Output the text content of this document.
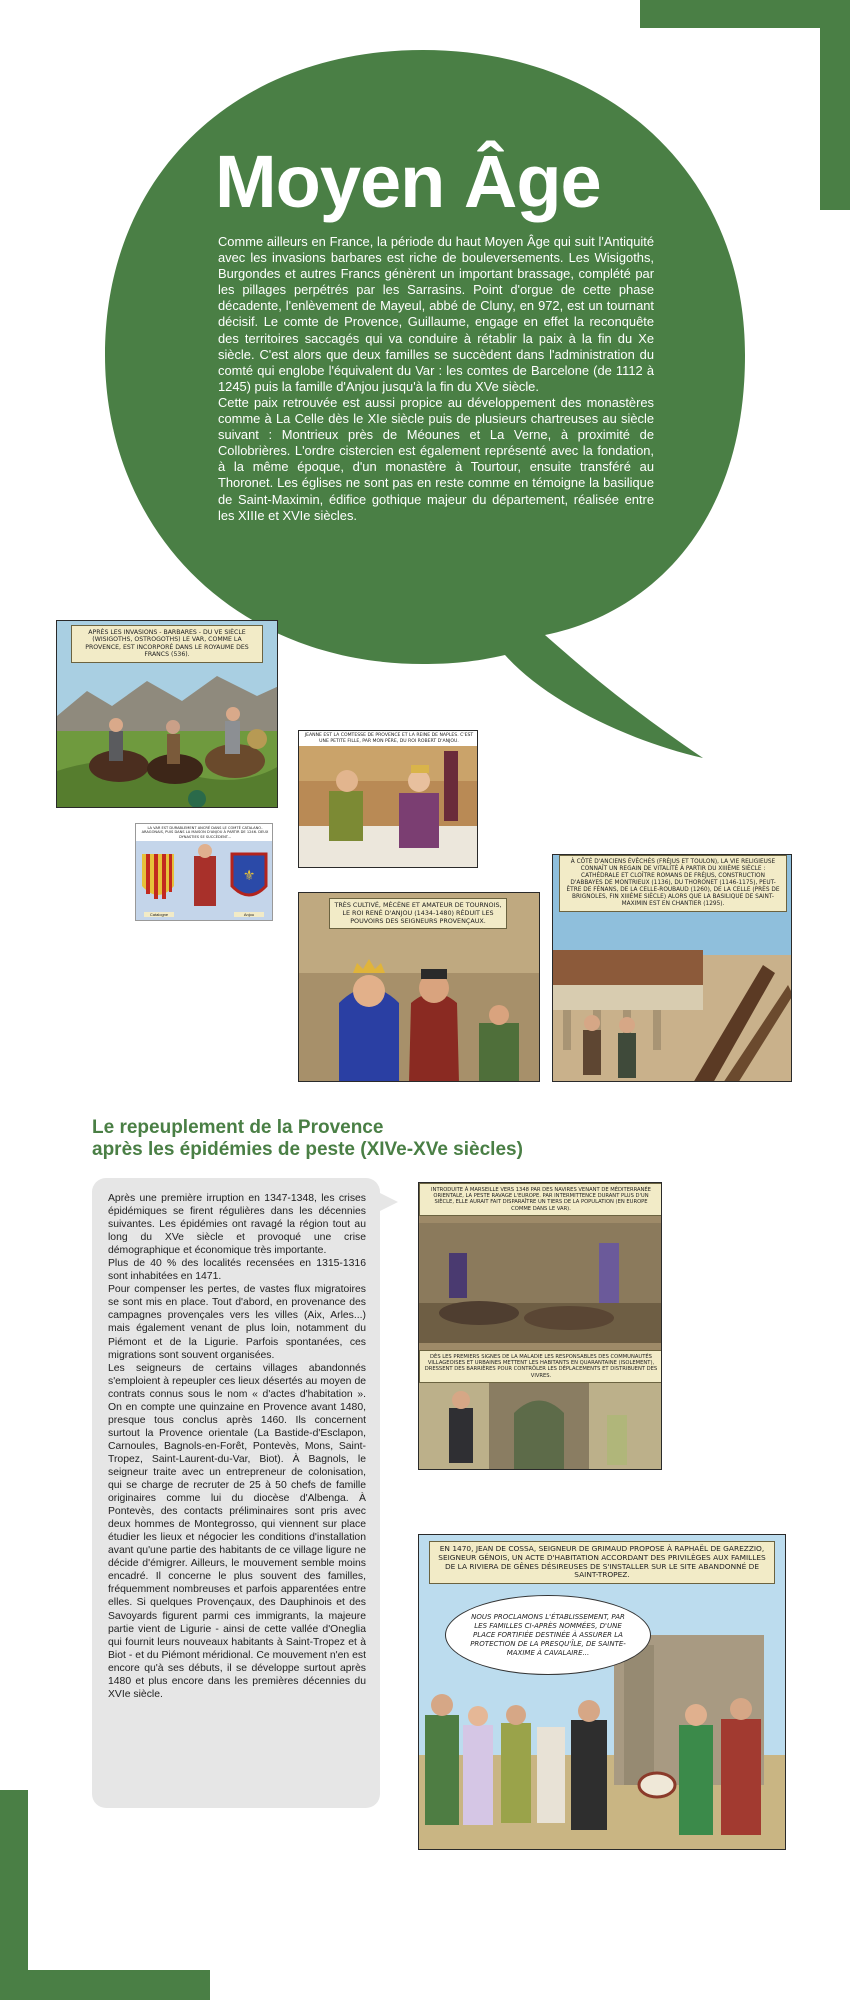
Moyen Âge

Comme ailleurs en France, la période du haut Moyen Âge qui suit l'Antiquité avec les invasions barbares est riche de bouleversements. Les Wisigoths, Burgondes et autres Francs génèrent un important brassage, complété par les pillages perpétrés par les Sarrasins. Point d'orgue de cette phase décadente, l'enlèvement de Mayeul, abbé de Cluny, en 972, est un tournant décisif. Le comte de Provence, Guillaume, engage en effet la reconquête des territoires saccagés qui va conduire à rétablir la paix à la fin du Xe siècle. C'est alors que deux familles se succèdent dans l'administration du comté qui englobe l'équivalent du Var : les comtes de Barcelone (de 1112 à 1245) puis la famille d'Anjou jusqu'à la fin du XVe siècle.

Cette paix retrouvée est aussi propice au développement des monastères comme à La Celle dès le XIe siècle puis de plusieurs chartreuses au siècle suivant : Montrieux près de Méounes et La Verne, à proximité de Collobrières. L'ordre cistercien est également représenté avec la fondation, à la même époque, d'un monastère à Tourtour, ensuite transféré au Thoronet. Les églises ne sont pas en reste comme en témoigne la basilique de Saint-Maximin, édifice gothique majeur du département, réalisée entre les XIIIe et XVIe siècles.

APRÈS LES INVASIONS - BARBARES - DU VE SIÈCLE (WISIGOTHS, OSTROGOTHS) LE VAR, COMME LA PROVENCE, EST INCORPORÉ DANS LE ROYAUME DES FRANCS (536).
JEANNE EST LA COMTESSE DE PROVENCE ET LA REINE DE NAPLES. C'EST UNE PETITE FILLE, PAR MON PÈRE, DU ROI ROBERT D'ANJOU.
⚜
LA VAR EST DURABLEMENT ANCRÉ DANS LE COMTÉ CATALANO-ARAGONAIS, PUIS DANS LA MAISON D'ANJOU À PARTIR DE 1246. DEUX DYNASTIES SE SUCCÈDENT...
Catalogne	Anjou
TRÈS CULTIVÉ, MÉCÈNE ET AMATEUR DE TOURNOIS, LE ROI RENÉ D'ANJOU (1434-1480) RÉDUIT LES POUVOIRS DES SEIGNEURS PROVENÇAUX.
À CÔTÉ D'ANCIENS ÉVÊCHÉS (FRÉJUS ET TOULON), LA VIE RELIGIEUSE CONNAÎT UN REGAIN DE VITALITÉ À PARTIR DU XIIIÈME SIÈCLE : CATHÉDRALE ET CLOÎTRE ROMANS DE FRÉJUS, CONSTRUCTION D'ABBAYES DE MONTRIEUX (1136), DU THORONET (1146-1175), PEUT-ÊTRE DE FÉNANS, DE LA CELLE-ROUBAUD (1260), DE LA CELLE (PRÈS DE BRIGNOLES, FIN XIIIÈME SIÈCLE) ALORS QUE LA BASILIQUE DE SAINT-MAXIMIN EST EN CHANTIER (1295).
Le repeuplement de la Provence
après les épidémies de peste (XIVe-XVe siècles)

Après une première irruption en 1347-1348, les crises épidémiques se firent régulières dans les décennies suivantes. Les épidémies ont ravagé la région tout au long du XVe siècle et provoqué une crise démographique et économique très importante.

Plus de 40 % des localités recensées en 1315-1316 sont inhabitées en 1471.

Pour compenser les pertes, de vastes flux migratoires se sont mis en place. Tout d'abord, en provenance des campagnes provençales vers les villes (Aix, Arles...) mais également venant de plus loin, notamment du Piémont et de la Ligurie. Parfois spontanées, ces migrations sont souvent organisées.

Les seigneurs de certains villages abandonnés s'emploient à repeupler ces lieux désertés au moyen de contrats connus sous le nom « d'actes d'habitation ». On en compte une quinzaine en Provence avant 1480, presque tous conclus après 1460. Ils concernent surtout la Provence orientale (La Bastide-d'Esclapon, Carnoules, Bagnols-en-Forêt, Pontevès, Mons, Saint-Tropez, Saint-Laurent-du-Var, Biot). À Bagnols, le seigneur traite avec un entrepreneur de colonisation, qui se charge de recruter de 25 à 50 chefs de famille originaires comme lui du diocèse d'Albenga. À Pontevès, des contacts préliminaires sont pris avec deux hommes de Montegrosso, qui viennent sur place étudier les lieux et négocier les conditions d'installation avant qu'une partie des habitants de ce village ligure ne décide d'émigrer. Ailleurs, le mouvement semble moins encadré. Il concerne le plus souvent des familles, fréquemment nombreuses et parfois apparentées entre elles. Si quelques Provençaux, des Dauphinois et des Savoyards figurent parmi ces immigrants, la majeure partie vient de Ligurie - ainsi de cette vallée d'Oneglia qui fournit leurs nouveaux habitants à Saint-Tropez et à Biot - et du Piémont méridional. Ce mouvement n'en est encore qu'à ses débuts, il se développe surtout après 1480 et plus encore dans les premières décennies du XVIe siècle.

INTRODUITE À MARSEILLE VERS 1348 PAR DES NAVIRES VENANT DE MÉDITERRANÉE ORIENTALE, LA PESTE RAVAGE L'EUROPE. PAR INTERMITTENCE DURANT PLUS D'UN SIÈCLE, ELLE AURAIT FAIT DISPARAÎTRE UN TIERS DE LA POPULATION (EN EUROPE COMME DANS LE VAR).
DÈS LES PREMIERS SIGNES DE LA MALADIE LES RESPONSABLES DES COMMUNAUTÉS VILLAGEOISES ET URBAINES METTENT LES HABITANTS EN QUARANTAINE (ISOLEMENT), DRESSENT DES BARRIÈRES POUR CONTRÔLER LES DÉPLACEMENTS ET DISTRIBUENT DES VIVRES.
EN 1470, JEAN DE COSSA, SEIGNEUR DE GRIMAUD PROPOSE À RAPHAËL DE GAREZZIO, SEIGNEUR GÉNOIS, UN ACTE D'HABITATION ACCORDANT DES PRIVILÈGES AUX FAMILLES DE LA RIVIERA DE GÊNES DÉSIREUSES DE S'INSTALLER SUR LE SITE ABANDONNÉ DE SAINT-TROPEZ.
NOUS PROCLAMONS L'ÉTABLISSEMENT, PAR LES FAMILLES CI-APRÈS NOMMÉES, D'UNE PLACE FORTIFIÉE DESTINÉE À ASSURER LA PROTECTION DE LA PRESQU'ÎLE, DE SAINTE-MAXIME À CAVALAIRE...
